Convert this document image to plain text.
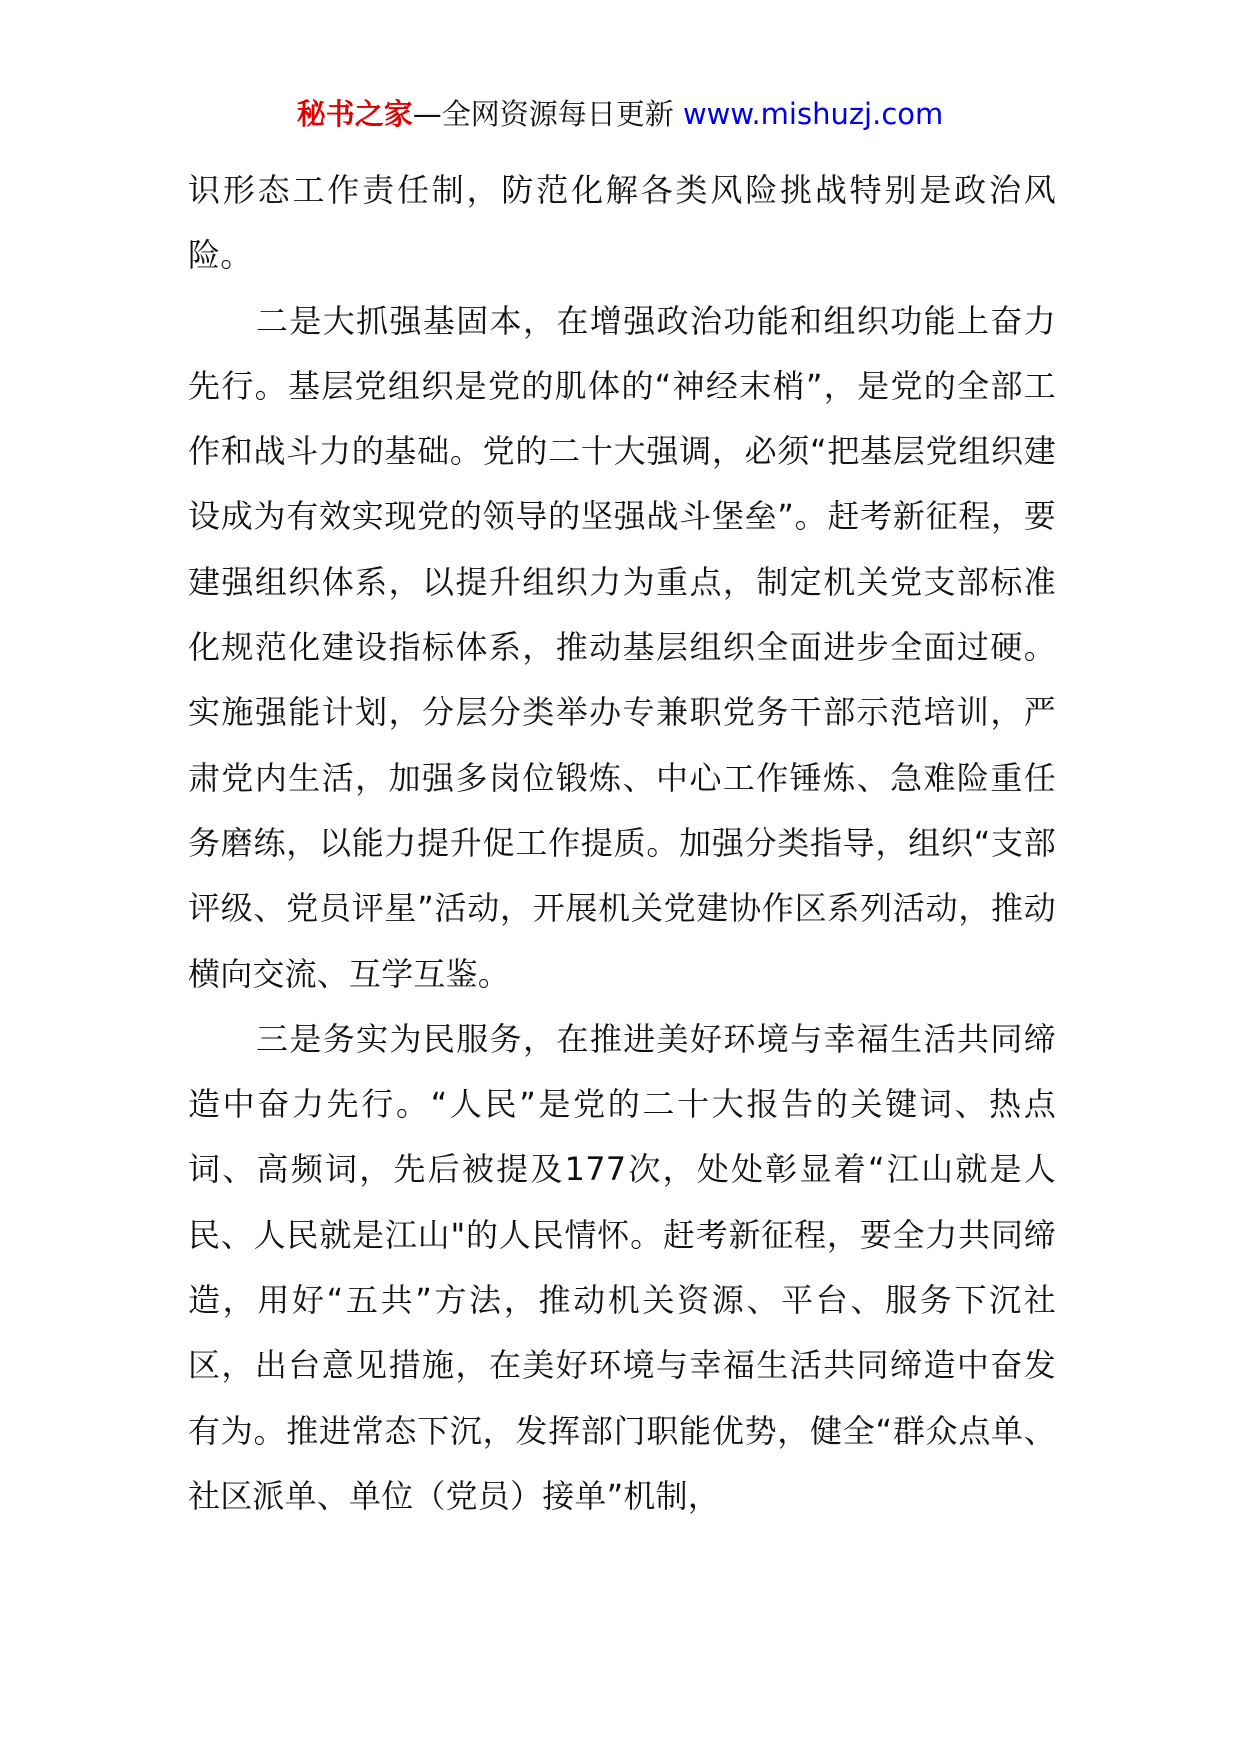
秘书之家—全网资源每日更新 www.mishuzj.com

识形态工作责任制，防范化解各类风险挑战特别是政治风险。

二是大抓强基固本，在增强政治功能和组织功能上奋力先行。基层党组织是党的肌体的“神经末梢”，是党的全部工作和战斗力的基础。党的二十大强调，必须“把基层党组织建设成为有效实现党的领导的坚强战斗堡垒”。赶考新征程，要建强组织体系，以提升组织力为重点，制定机关党支部标准化规范化建设指标体系，推动基层组织全面进步全面过硬。实施强能计划，分层分类举办专兼职党务干部示范培训，严肃党内生活，加强多岗位锻炼、中心工作锤炼、急难险重任务磨练，以能力提升促工作提质。加强分类指导，组织“支部评级、党员评星”活动，开展机关党建协作区系列活动，推动横向交流、互学互鉴。

三是务实为民服务，在推进美好环境与幸福生活共同缔造中奋力先行。“人民”是党的二十大报告的关键词、热点词、高频词，先后被提及177次，处处彰显着“江山就是人民、人民就是江山"的人民情怀。赶考新征程，要全力共同缔造，用好“五共”方法，推动机关资源、平台、服务下沉社区，出台意见措施，在美好环境与幸福生活共同缔造中奋发有为。推进常态下沉，发挥部门职能优势，健全“群众点单、社区派单、单位（党员）接单”机制，
